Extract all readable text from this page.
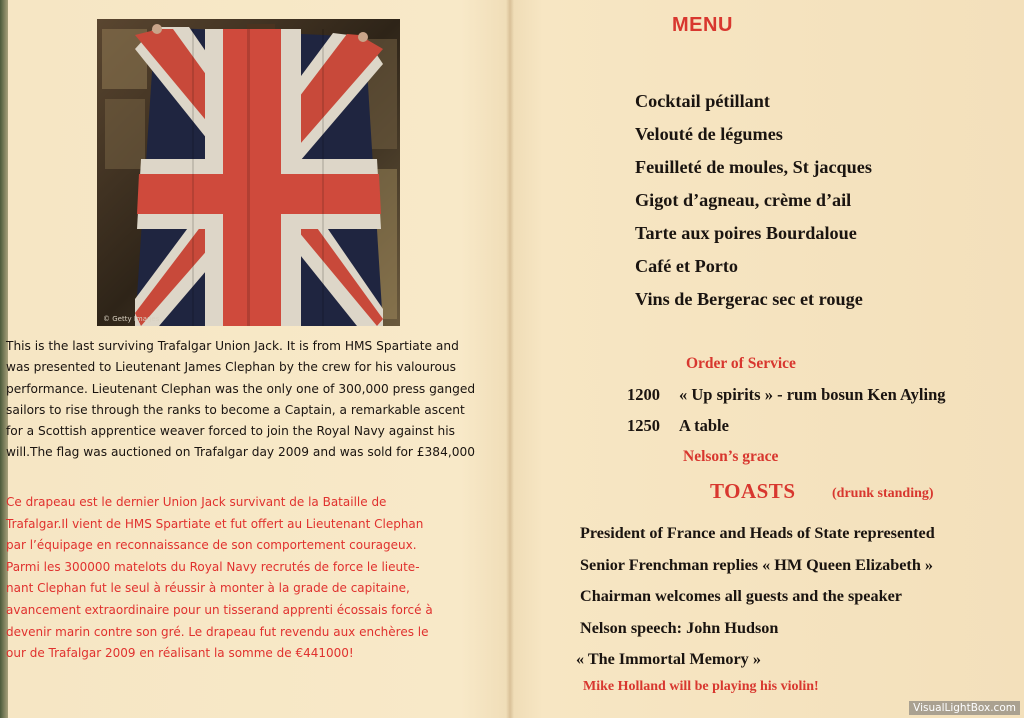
© Getty Images

This is the last surviving Trafalgar Union Jack. It is from HMS Spartiate and
was presented to Lieutenant James Clephan by the crew for his valourous
performance. Lieutenant Clephan was the only one of 300,000 press ganged
sailors to rise through the ranks to become a Captain, a remarkable ascent
for a Scottish apprentice weaver forced to join the Royal Navy against his
will.The flag was auctioned on Trafalgar day 2009 and was sold for £384,000

Ce drapeau est le dernier Union Jack survivant de la Bataille de
Trafalgar.Il vient de HMS Spartiate et fut offert au Lieutenant Clephan
par l’équipage en reconnaissance de son comportement courageux.
Parmi les 300000 matelots du Royal Navy recrutés de force le lieute-
nant Clephan fut le seul à réussir à monter à la grade de capitaine,
avancement extraordinaire pour un tisserand apprenti écossais forcé à
devenir marin contre son gré. Le drapeau fut revendu aux enchères le
our de Trafalgar 2009 en réalisant la somme de €441000!

MENU
Cocktail pétillant
Velouté de légumes
Feuilleté de moules, St jacques
Gigot d’agneau, crème d’ail
Tarte aux poires Bourdaloue
Café et Porto
Vins de Bergerac sec et rouge
Order of Service
1200 « Up spirits » - rum bosun Ken Ayling
1250 A table
Nelson’s grace
TOASTS	(drunk standing)
President of France and Heads of State represented
Senior Frenchman replies « HM Queen Elizabeth »
Chairman welcomes all guests and the speaker
Nelson speech: John Hudson
« The Immortal Memory »
Mike Holland will be playing his violin!
VisualLightBox.com
